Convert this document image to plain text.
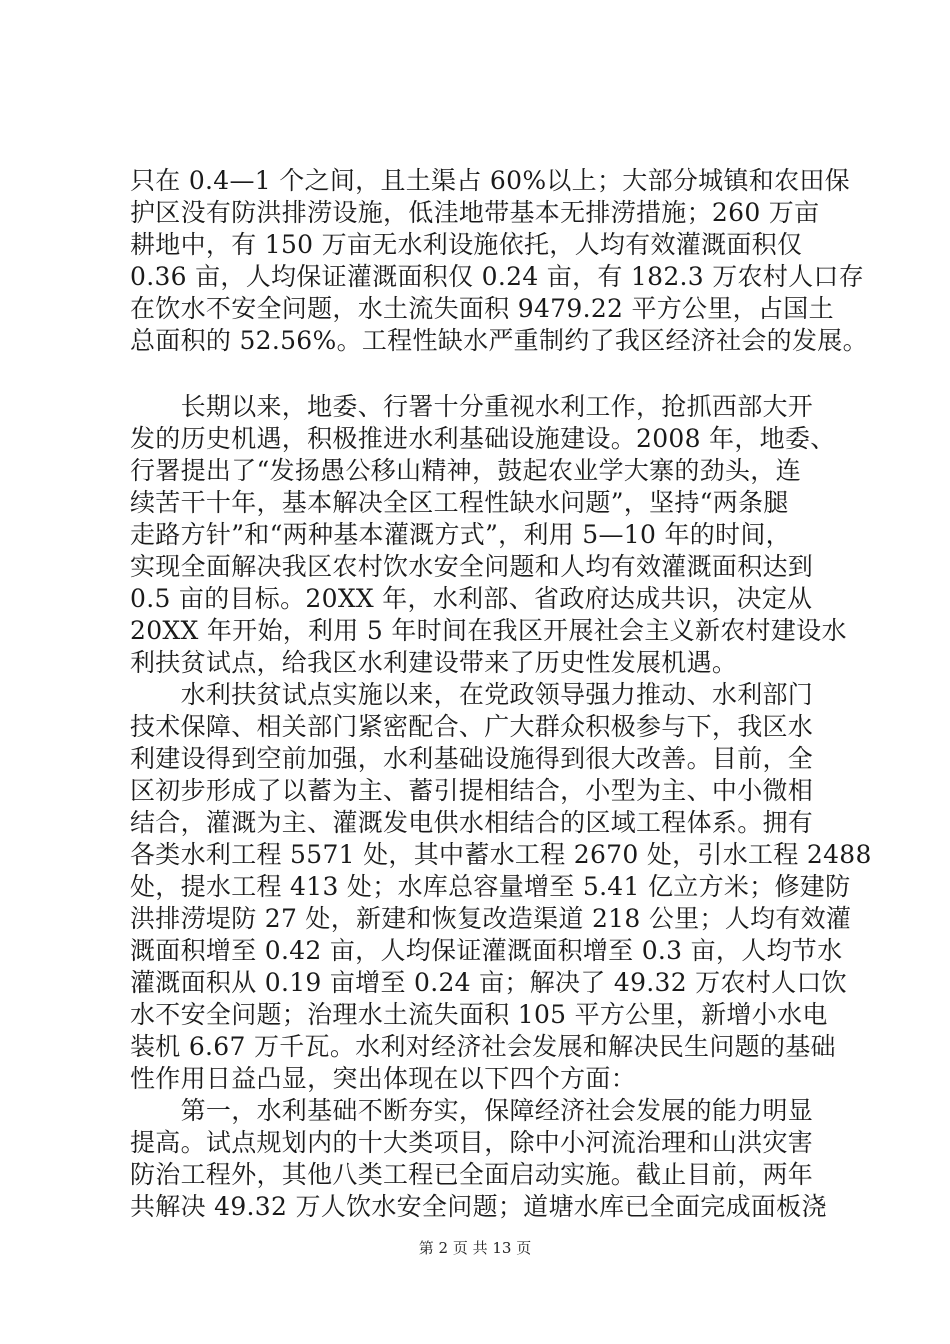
只在 0.4—1 个之间，且土渠占 60%以上；大部分城镇和农田保
护区没有防洪排涝设施，低洼地带基本无排涝措施；260 万亩
耕地中，有 150 万亩无水利设施依托，人均有效灌溉面积仅
0.36 亩，人均保证灌溉面积仅 0.24 亩，有 182.3 万农村人口存
在饮水不安全问题，水土流失面积 9479.22 平方公里，占国土
总面积的 52.56%。工程性缺水严重制约了我区经济社会的发展。
　　长期以来，地委、行署十分重视水利工作，抢抓西部大开
发的历史机遇，积极推进水利基础设施建设。2008 年，地委、
行署提出了“发扬愚公移山精神，鼓起农业学大寨的劲头，连
续苦干十年，基本解决全区工程性缺水问题”，坚持“两条腿
走路方针”和“两种基本灌溉方式”，利用 5—10 年的时间，
实现全面解决我区农村饮水安全问题和人均有效灌溉面积达到
0.5 亩的目标。20XX 年，水利部、省政府达成共识，决定从
20XX 年开始，利用 5 年时间在我区开展社会主义新农村建设水
利扶贫试点，给我区水利建设带来了历史性发展机遇。
　　水利扶贫试点实施以来，在党政领导强力推动、水利部门
技术保障、相关部门紧密配合、广大群众积极参与下，我区水
利建设得到空前加强，水利基础设施得到很大改善。目前，全
区初步形成了以蓄为主、蓄引提相结合，小型为主、中小微相
结合，灌溉为主、灌溉发电供水相结合的区域工程体系。拥有
各类水利工程 5571 处，其中蓄水工程 2670 处，引水工程 2488
处，提水工程 413 处；水库总容量增至 5.41 亿立方米；修建防
洪排涝堤防 27 处，新建和恢复改造渠道 218 公里；人均有效灌
溉面积增至 0.42 亩，人均保证灌溉面积增至 0.3 亩，人均节水
灌溉面积从 0.19 亩增至 0.24 亩；解决了 49.32 万农村人口饮
水不安全问题；治理水土流失面积 105 平方公里，新增小水电
装机 6.67 万千瓦。水利对经济社会发展和解决民生问题的基础
性作用日益凸显，突出体现在以下四个方面：
　　第一，水利基础不断夯实，保障经济社会发展的能力明显
提高。试点规划内的十大类项目，除中小河流治理和山洪灾害
防治工程外，其他八类工程已全面启动实施。截止目前，两年
共解决 49.32 万人饮水安全问题；道塘水库已全面完成面板浇
第 2 页 共 13 页
